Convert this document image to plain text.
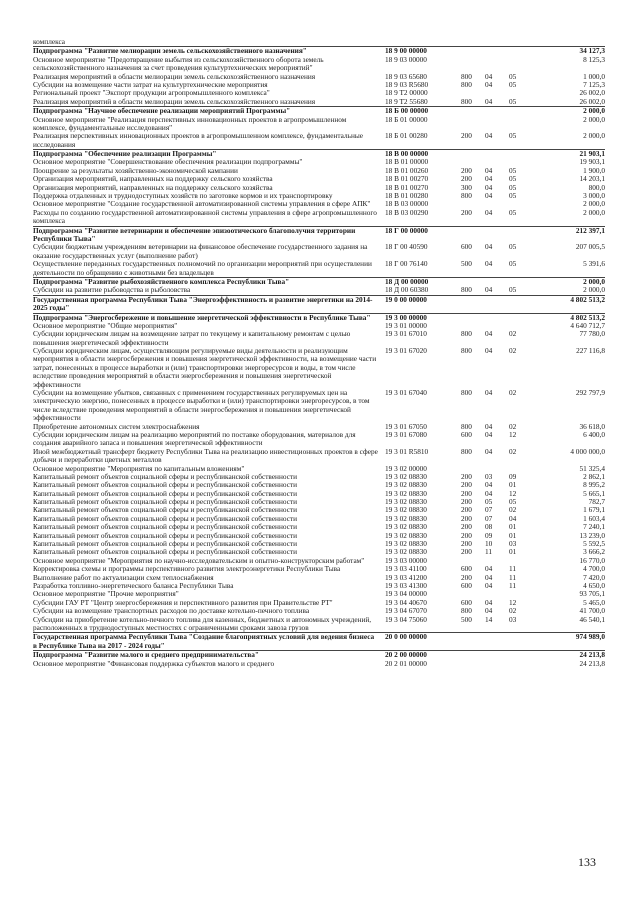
комплекса
Подпрограмма "Развитие мелиорации земель сельскохозяйственного назначения"	18 9 00 00000	34 127,3
Основное мероприятие "Предотвращение выбытия из сельскохозяйственного оборота земель сельскохозяйственного назначения за счет проведения культуртехнических мероприятий"
18 9 03 00000	8 125,3
Реализация мероприятий в области мелиорации земель сельскохозяйственного назначения	18 9 03 65680	800	04	05	1 000,0
Субсидии на возмещение части затрат на культуртехнические мероприятия	18 9 03 R5680	800	04	05	7 125,3
Региональный проект "Экспорт продукции агропромышленного комплекса"	18 9 T2 00000	26 002,0
Реализация мероприятий в области мелиорации земель сельскохозяйственного назначения	18 9 T2 55680	800	04	05	26 002,0
Подпрограмма "Научное обеспечение реализации мероприятий Программы"	18 Б 00 00000	2 000,0
Основное мероприятие "Реализация перспективных инновационных проектов в агропромышленном комплексе, фундаментальные исследования"
18 Б 01 00000	2 000,0
Реализация перспективных инновационных проектов в агропромышленном комплексе, фундаментальные исследования
18 Б 01 00280	200	04	05	2 000,0
Подпрограмма "Обеспечение реализации Программы"	18 В 00 00000	21 903,1
Основное мероприятие "Совершенствование обеспечения реализации подпрограммы"	18 В 01 00000	19 903,1
Поощрение за результаты хозяйственно-экономической кампании	18 В 01 00260	200	04	05	1 900,0
Организация мероприятий, направленных на поддержку сельского хозяйства	18 В 01 00270	200	04	05	14 203,1
Организация мероприятий, направленных на поддержку сельского хозяйства	18 В 01 00270	300	04	05	800,0
Поддержка отдаленных и труднодоступных хозяйств по заготовке кормов и их транспортировку	18 В 01 00280	800	04	05	3 000,0
Основное мероприятие "Создание государственной автоматизированной системы управления в сфере АПК"	18 В 03 00000	2 000,0
Расходы по созданию государственной автоматизированной системы управления в сфере агропромышленного комплекса
18 В 03 00290	200	04	05	2 000,0
Подпрограмма "Развитие ветеринарии и обеспечение эпизоотического благополучия территории Республики Тыва"
18 Г 00 00000	212 397,1
Субсидии бюджетным учреждениям ветеринарии на финансовое обеспечение государственного задания на оказание государственных услуг (выполнение работ)
18 Г 00 40590	600	04	05	207 005,5
Осуществление переданных государственных полномочий по организации мероприятий при осуществлении деятельности по обращению с животными без владельцев
18 Г 00 76140	500	04	05	5 391,6
Подпрограмма "Развитие рыбохозяйственного комплекса Республики Тыва"	18 Д 00 00000	2 000,0
Субсидии на развитие рыбоводства и рыболовства	18 Д 00 60380	800	04	05	2 000,0
Государственная программа Республики Тыва "Энергоэффективность и развитие энергетики на 2014-2025 годы"
19 0 00 00000	4 802 513,2
Подпрограмма "Энергосбережение и повышение энергетической эффективности в Республике Тыва"	19 3 00 00000	4 802 513,2
Основное мероприятие "Общие мероприятия"	19 3 01 00000	4 640 712,7
Субсидии юридическим лицам на возмещение затрат по текущему и капитальному ремонтам с целью повышения энергетической эффективности
19 3 01 67010	800	04	02	77 780,0
Субсидии юридическим лицам, осуществляющим регулируемые виды деятельности и реализующим мероприятия в области энергосбережения и повышения энергетической эффективности, на возмещение части затрат, понесенных в процессе выработки и (или) транспортировки энергоресурсов и воды, в том числе вследствие проведения мероприятий в области энергосбережения и повышения энергетической эффективности
19 3 01 67020	800	04	02	227 116,8
Субсидии на возмещение убытков, связанных с применением государственных регулируемых цен на электрическую энергию, понесенных в процессе выработки и (или) транспортировки энергоресурсов, в том числе вследствие проведения мероприятий в области энергосбережения и повышения энергетической эффективности
19 3 01 67040	800	04	02	292 797,9
Приобретение автономных систем электроснабжения	19 3 01 67050	800	04	02	36 618,0
Субсидии юридическим лицам на реализацию мероприятий по поставке оборудования, материалов для создания аварийного запаса и повышения энергетической эффективности
19 3 01 67080	600	04	12	6 400,0
Иной межбюджетный трансферт бюджету Республики Тыва на реализацию инвестиционных проектов в сфере добычи и переработки цветных металлов
19 3 01 R5810	800	04	02	4 000 000,0
Основное мероприятие "Мероприятия по капитальным вложениям"	19 3 02 00000	51 325,4
Капитальный ремонт объектов социальной сферы и республиканской собственности	19 3 02 08830	200	03	09	2 862,1
Капитальный ремонт объектов социальной сферы и республиканской собственности	19 3 02 08830	200	04	01	8 995,2
Капитальный ремонт объектов социальной сферы и республиканской собственности	19 3 02 08830	200	04	12	5 665,1
Капитальный ремонт объектов социальной сферы и республиканской собственности	19 3 02 08830	200	05	05	782,7
Капитальный ремонт объектов социальной сферы и республиканской собственности	19 3 02 08830	200	07	02	1 679,1
Капитальный ремонт объектов социальной сферы и республиканской собственности	19 3 02 08830	200	07	04	1 603,4
Капитальный ремонт объектов социальной сферы и республиканской собственности	19 3 02 08830	200	08	01	7 240,1
Капитальный ремонт объектов социальной сферы и республиканской собственности	19 3 02 08830	200	09	01	13 239,0
Капитальный ремонт объектов социальной сферы и республиканской собственности	19 3 02 08830	200	10	03	5 592,5
Капитальный ремонт объектов социальной сферы и республиканской собственности	19 3 02 08830	200	11	01	3 666,2
Основное мероприятие "Мероприятия по научно-исследовательским и опытно-конструкторским работам"	19 3 03 00000	16 770,0
Корректировка схемы и программы перспективного развития электроэнергетики Республики Тыва	19 3 03 41100	600	04	11	4 700,0
Выполнение работ по актуализации схем теплоснабжения	19 3 03 41200	200	04	11	7 420,0
Разработка топливно-энергетического баланса Республики Тыва	19 3 03 41300	600	04	11	4 650,0
Основное мероприятие "Прочие мероприятия"	19 3 04 00000	93 705,1
Субсидии ГАУ РТ "Центр энергосбережения и перспективного развития при Правительстве РТ"	19 3 04 40670	600	04	12	5 465,0
Субсидии на возмещение транспортных расходов по доставке котельно-печного топлива	19 3 04 67070	800	04	02	41 700,0
Субсидии на приобретение котельно-печного топлива для казенных, бюджетных и автономных учреждений, расположенных в труднодоступных местностях с ограниченными сроками завоза грузов
19 3 04 75060	500	14	03	46 540,1
Государственная программа Республики Тыва "Создание благоприятных условий для ведения бизнеса в Республике Тыва на 2017 - 2024 годы"
20 0 00 00000	974 989,0
Подпрограмма "Развитие малого и среднего предпринимательства"	20 2 00 00000	24 213,8
Основное мероприятие "Финансовая поддержка субъектов малого и среднего	20 2 01 00000	24 213,8
133
